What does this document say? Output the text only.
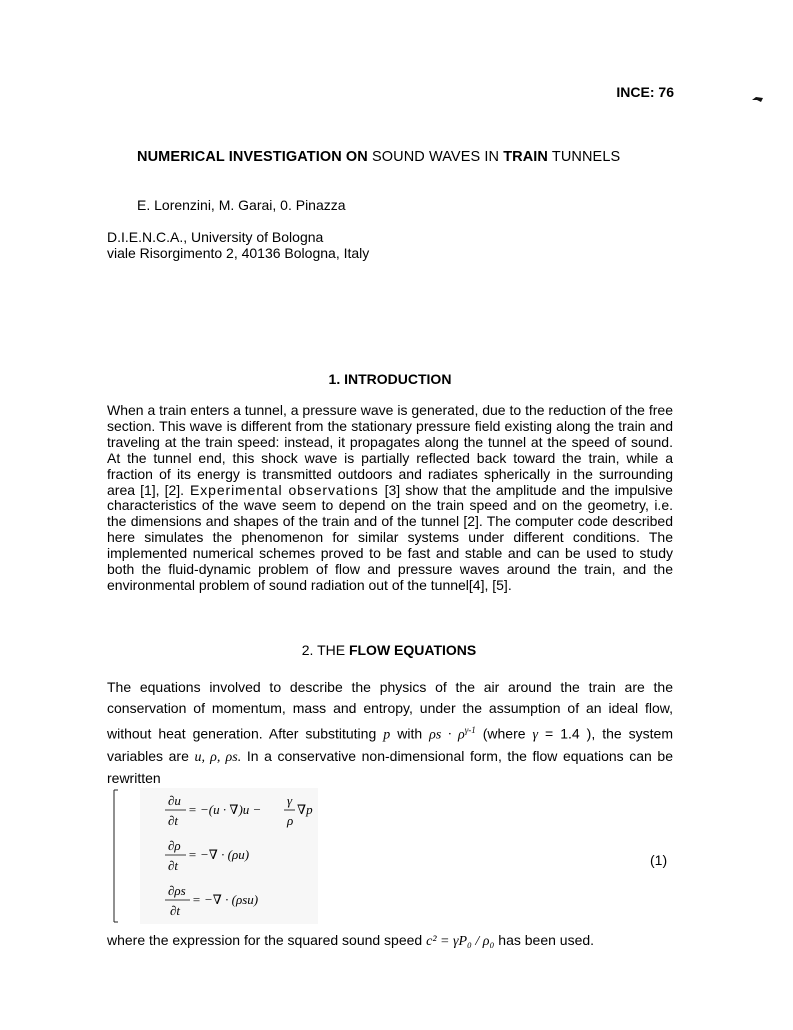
INCE: 76
NUMERICAL INVESTIGATION ON SOUND WAVES IN TRAIN TUNNELS
E. Lorenzini, M. Garai, 0. Pinazza
D.I.E.N.C.A., University of Bologna
viale Risorgimento 2, 40136 Bologna, Italy
1. INTRODUCTION

When a train enters a tunnel, a pressure wave is generated, due to the reduction of the free section. This wave is different from the stationary pressure field existing along the train and traveling at the train speed: instead, it propagates along the tunnel at the speed of sound. At the tunnel end, this shock wave is partially reflected back toward the train, while a fraction of its energy is transmitted outdoors and radiates spherically in the surrounding area [1], [2]. Experimental observations [3] show that the amplitude and the impulsive characteristics of the wave seem to depend on the train speed and on the geometry, i.e. the dimensions and shapes of the train and of the tunnel [2]. The computer code described here simulates the phenomenon for similar systems under different conditions. The implemented numerical schemes proved to be fast and stable and can be used to study both the fluid-dynamic problem of flow and pressure waves around the train, and the environmental problem of sound radiation out of the tunnel[4], [5].

2. THE FLOW EQUATIONS

The equations involved to describe the physics of the air around the train are the conservation of momentum, mass and entropy, under the assumption of an ideal flow, without heat generation. After substituting p with $\rho s \cdot \rho^{\gamma-1}$ (where γ = 1.4 ), the system variables are u, ρ, ρs. In a conservative non-dimensional form, the flow equations can be rewritten

∂u
∂t
= −(u · ∇)u −
γ
ρ
∇p
∂ρ
∂t
= −∇ · (ρu)
∂ρs
∂t
= −∇ · (ρsu)
(1)
where the expression for the squared sound speed c² = γP₀ / ρ₀ has been used.
